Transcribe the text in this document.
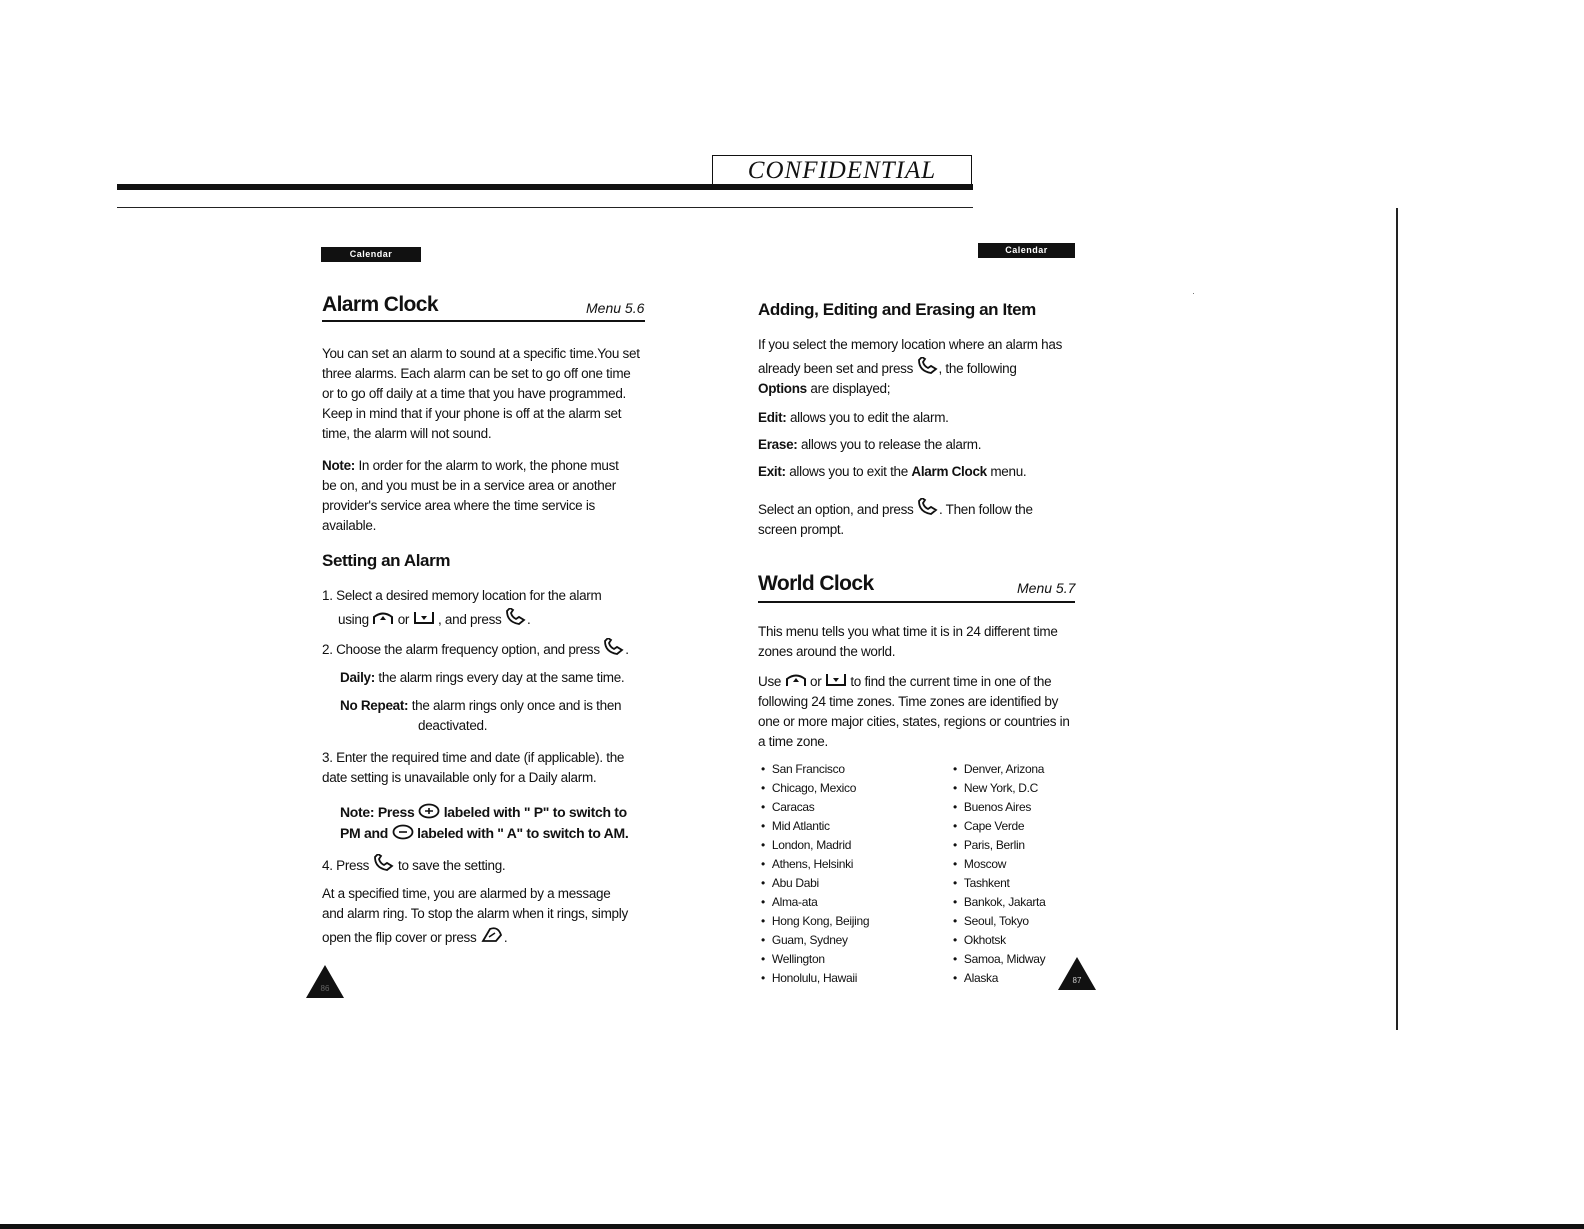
CONFIDENTIAL
Calendar
Alarm Clock	Menu 5.6
You can set an alarm to sound at a specific time.You set three alarms. Each alarm can be set to go off one time or to go off daily at a time that you have programmed. Keep in mind that if your phone is off at the alarm set time, the alarm will not sound.
Note: In order for the alarm to work, the phone must be on, and you must be in a service area or another provider's service area where the time service is available.
Setting an Alarm
1. Select a desired memory location for the alarm
using or , and press .
2. Choose the alarm frequency option, and press .
Daily: the alarm rings every day at the same time.
No Repeat: the alarm rings only once and is then
deactivated.
3. Enter the required time and date (if applicable). the date setting is unavailable only for a Daily alarm.
Note: Press labeled with " P" to switch to
PM and labeled with " A" to switch to AM.
4. Press to save the setting.
At a specified time, you are alarmed by a message and alarm ring. To stop the alarm when it rings, simply open the flip cover or press .
86
Calendar
Adding, Editing and Erasing an Item
If you select the memory location where an alarm has
already been set and press , the following
Options are displayed;
Edit: allows you to edit the alarm.
Erase: allows you to release the alarm.
Exit: allows you to exit the Alarm Clock menu.
Select an option, and press . Then follow the
screen prompt.
World Clock	Menu 5.7
This menu tells you what time it is in 24 different time zones around the world.
Use or to find the current time in one of the following 24 time zones. Time zones are identified by one or more major cities, states, regions or countries in a time zone.
• San Francisco
• Chicago, Mexico
• Caracas
• Mid Atlantic
• London, Madrid
• Athens, Helsinki
• Abu Dabi
• Alma-ata
• Hong Kong, Beijing
• Guam, Sydney
• Wellington
• Honolulu, Hawaii
• Denver, Arizona
• New York, D.C
• Buenos Aires
• Cape Verde
• Paris, Berlin
• Moscow
• Tashkent
• Bankok, Jakarta
• Seoul, Tokyo
• Okhotsk
• Samoa, Midway
• Alaska	87
